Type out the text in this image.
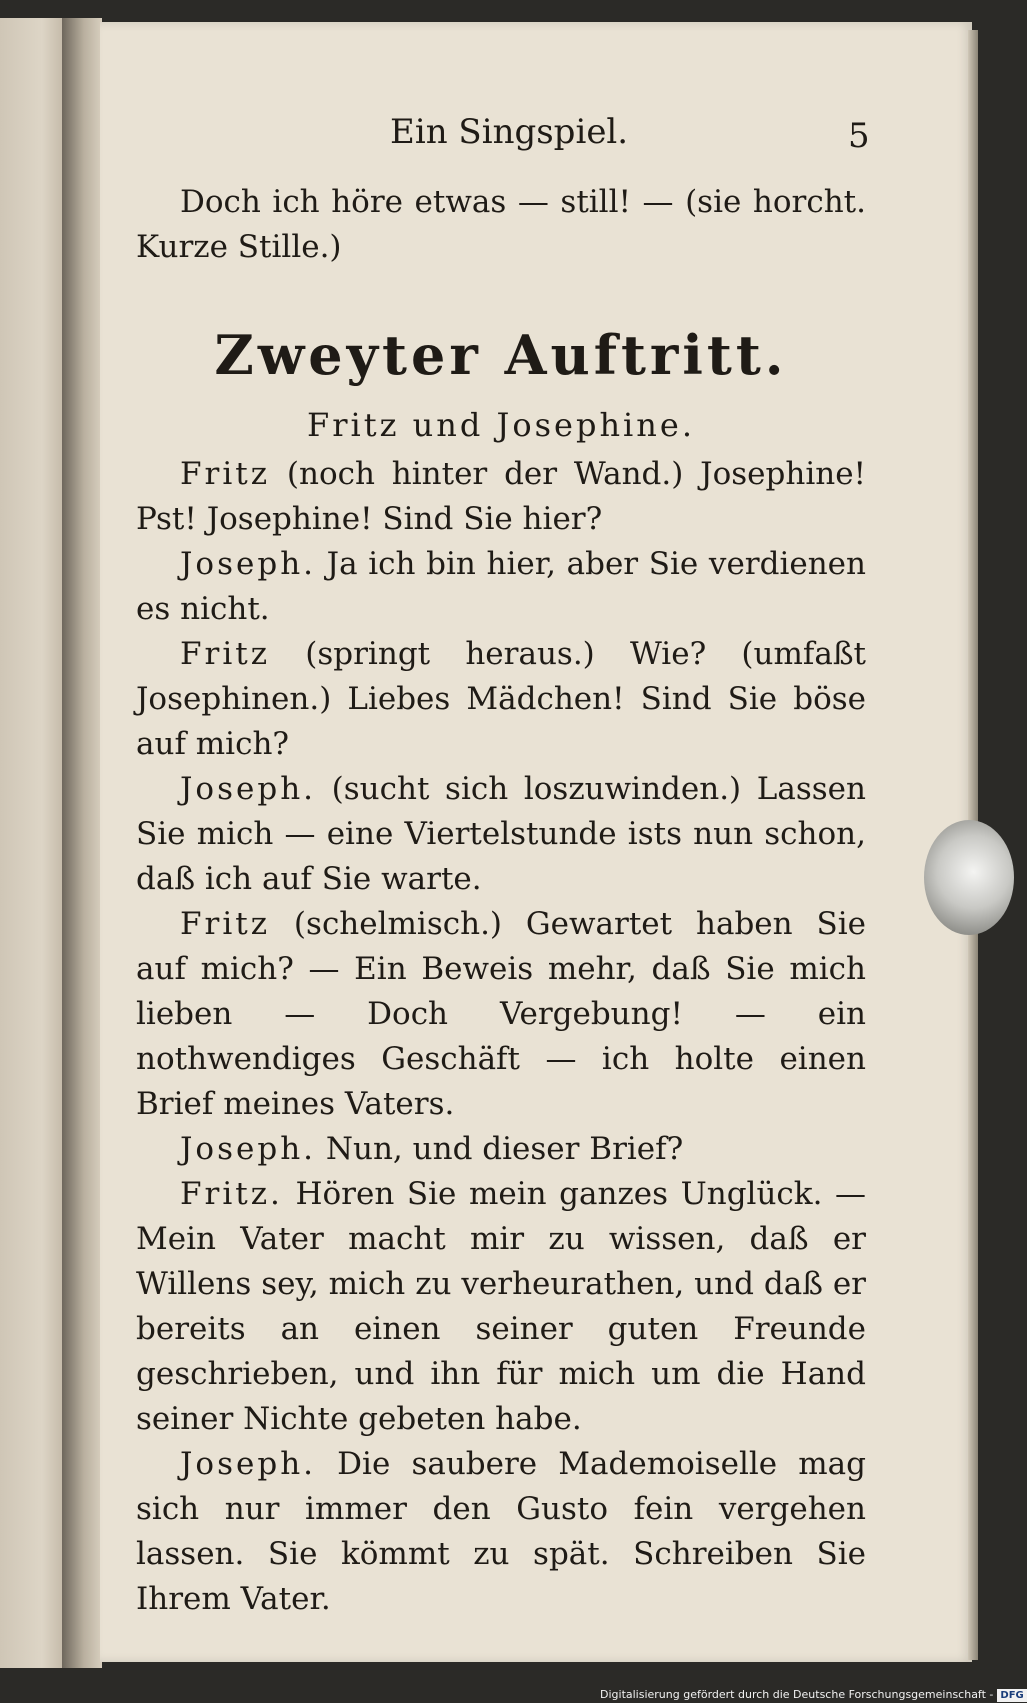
Ein Singspiel.	5

Doch ich höre etwas — still! — (sie horcht. Kurze Stille.)

Zweyter Auftritt.
Fritz und Josephine.

Fritz (noch hinter der Wand.) Josephine! Pst! Josephine! Sind Sie hier?

Joseph. Ja ich bin hier, aber Sie verdienen es nicht.

Fritz (springt heraus.) Wie? (umfaßt Josephinen.) Liebes Mädchen! Sind Sie böse auf mich?

Joseph. (sucht sich loszuwinden.) Lassen Sie mich — eine Viertelstunde ists nun schon, daß ich auf Sie warte.

Fritz (schelmisch.) Gewartet haben Sie auf mich? — Ein Beweis mehr, daß Sie mich lieben — Doch Vergebung! — ein nothwendiges Geschäft — ich holte einen Brief meines Vaters.

Joseph. Nun, und dieser Brief?

Fritz. Hören Sie mein ganzes Unglück. — Mein Vater macht mir zu wissen, daß er Willens sey, mich zu verheurathen, und daß er bereits an einen seiner guten Freunde geschrieben, und ihn für mich um die Hand seiner Nichte gebeten habe.

Joseph. Die saubere Mademoiselle mag sich nur immer den Gusto fein vergehen lassen. Sie kömmt zu spät. Schreiben Sie Ihrem Vater.

Digitalisierung gefördert durch die Deutsche Forschungsgemeinschaft - DFG
